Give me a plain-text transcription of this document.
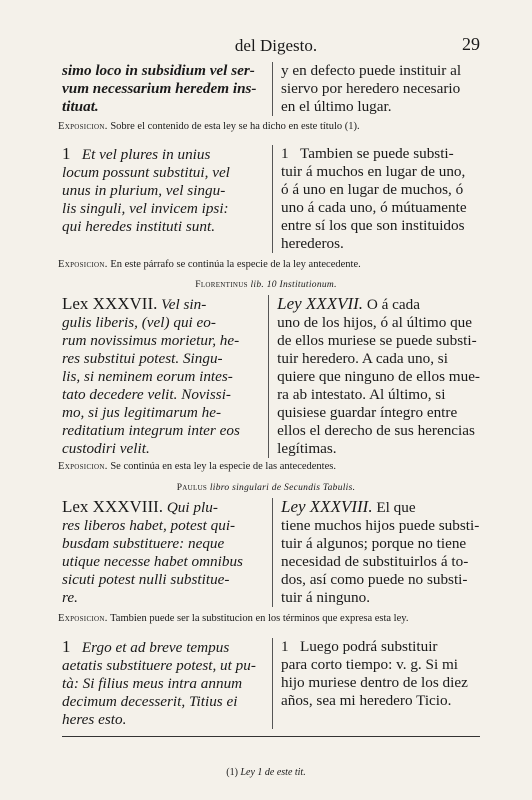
del Digesto.	29
simo loco in subsidium vel ser-
vum necessarium heredem ins-
tituat.
y en defecto puede instituir al
siervo por heredero necesario
en el último lugar.
Exposicion. Sobre el contenido de esta ley se ha dicho en este título (1).
1 Et vel plures in unius
locum possunt substitui, vel
unus in plurium, vel singu-
lis singuli, vel invicem ipsi:
qui heredes instituti sunt.
1 Tambien se puede substi-
tuir á muchos en lugar de uno,
ó á uno en lugar de muchos, ó
uno á cada uno, ó mútuamente
entre sí los que son instituidos
herederos.
Exposicion. En este párrafo se continúa la especie de la ley antecedente.
Florentinus lib. 10 Institutionum.
Lex XXXVII. Vel sin-
gulis liberis, (vel) qui eo-
rum novissimus morietur, he-
res substitui potest. Singu-
lis, si neminem eorum intes-
tato decedere velit. Novissi-
mo, si jus legitimarum he-
reditatium integrum inter eos
custodiri velit.
Ley XXXVII. O á cada
uno de los hijos, ó al último que
de ellos muriese se puede substi-
tuir heredero. A cada uno, si
quiere que ninguno de ellos mue-
ra ab intestato. Al último, si
quisiese guardar íntegro entre
ellos el derecho de sus herencias
legítimas.
Exposicion. Se continúa en esta ley la especie de las antecedentes.
Paulus libro singulari de Secundis Tabulis.
Lex XXXVIII. Qui plu-
res liberos habet, potest qui-
busdam substituere: neque
utique necesse habet omnibus
sicuti potest nulli substitue-
re.
Ley XXXVIII. El que
tiene muchos hijos puede substi-
tuir á algunos; porque no tiene
necesidad de substituirlos á to-
dos, así como puede no substi-
tuir á ninguno.
Exposicion. Tambien puede ser la substitucion en los términos que expresa esta ley.
1 Ergo et ad breve tempus
aetatis substituere potest, ut pu-
tà: Si filius meus intra annum
decimum decesserit, Titius ei
heres esto.
1 Luego podrá substituir
para corto tiempo: v. g. Si mi
hijo muriese dentro de los diez
años, sea mi heredero Ticio.
(1) Ley 1 de este tit.
